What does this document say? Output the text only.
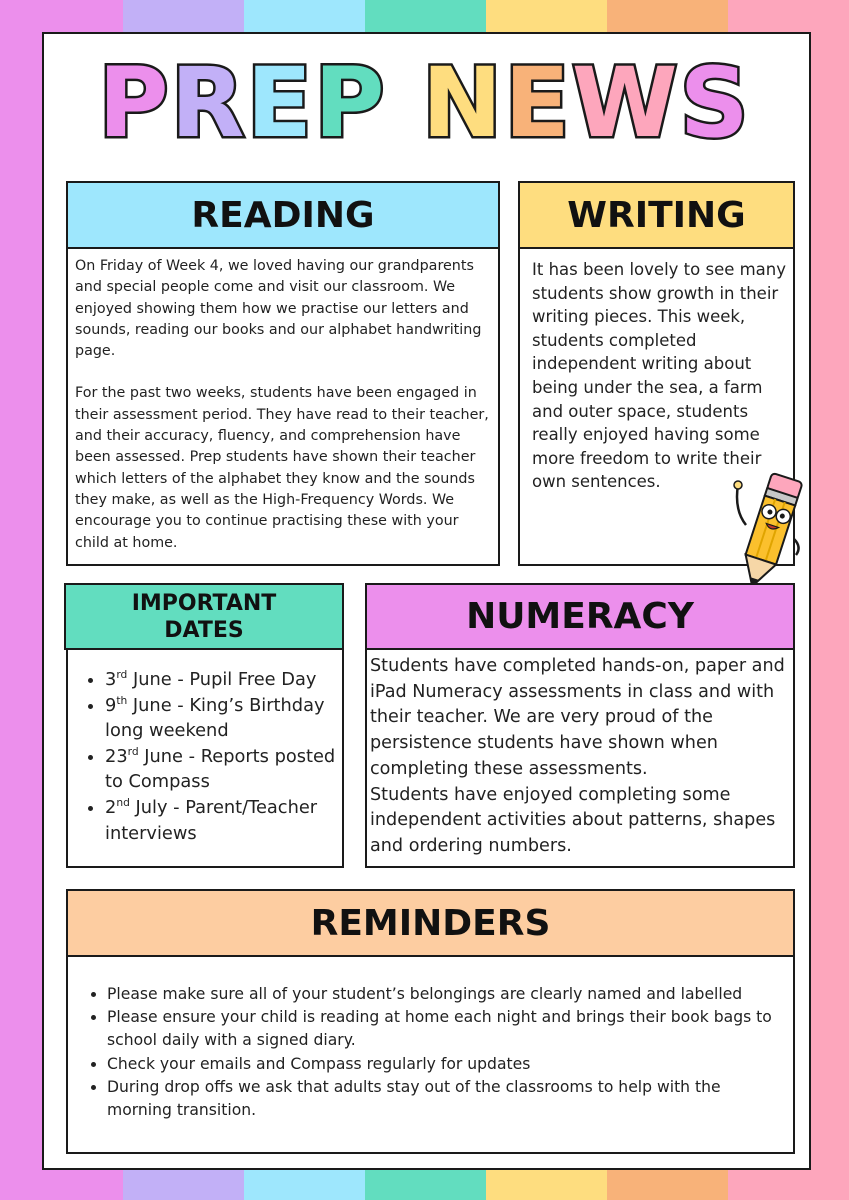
PREP NEWS
READING

On Friday of Week 4, we loved having our grandparents and special people come and visit our classroom. We enjoyed showing them how we practise our letters and sounds, reading our books and our alphabet handwriting page.

For the past two weeks, students have been engaged in their assessment period. They have read to their teacher, and their accuracy, fluency, and comprehension have been assessed. Prep students have shown their teacher which letters of the alphabet they know and the sounds they make, as well as the High-Frequency Words. We encourage you to continue practising these with your child at home.

WRITING
It has been lovely to see many students show growth in their writing pieces. This week, students completed independent writing about being under the sea, a farm and outer space, students really enjoyed having some more freedom to write their own sentences.
IMPORTANT
DATES
• 3rd June - Pupil Free Day
• 9th June - King’s Birthday long weekend
• 23rd June - Reports posted to Compass
• 2nd July - Parent/Teacher interviews
NUMERACY

Students have completed hands-on, paper and iPad Numeracy assessments in class and with their teacher. We are very proud of the persistence students have shown when completing these assessments.

Students have enjoyed completing some independent activities about patterns, shapes and ordering numbers.

REMINDERS
• Please make sure all of your student’s belongings are clearly named and labelled
• Please ensure your child is reading at home each night and brings their book bags to school daily with a signed diary.
• Check your emails and Compass regularly for updates
• During drop offs we ask that adults stay out of the classrooms to help with the morning transition.
